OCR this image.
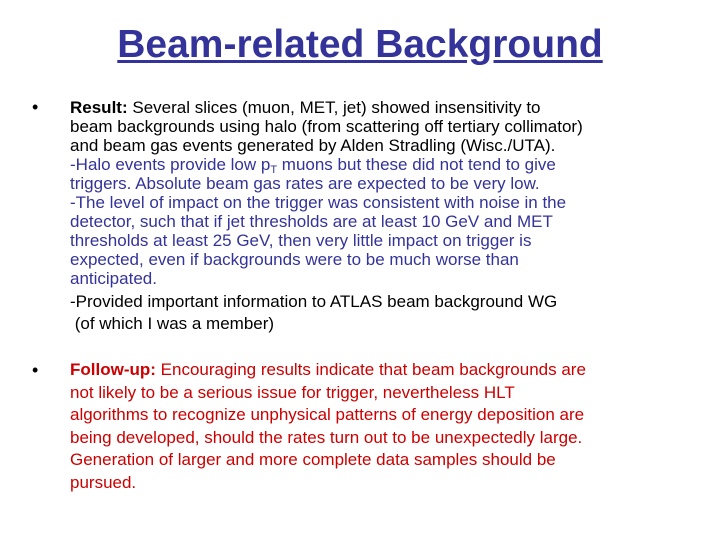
Beam-related Background
• Result: Several slices (muon, MET, jet) showed insensitivity to
beam backgrounds using halo (from scattering off tertiary collimator)
and beam gas events generated by Alden Stradling (Wisc./UTA).
-Halo events provide low $p_T$ muons but these did not tend to give
triggers. Absolute beam gas rates are expected to be very low.
-The level of impact on the trigger was consistent with noise in the
detector, such that if jet thresholds are at least 10 GeV and MET
thresholds at least 25 GeV, then very little impact on trigger is
expected, even if backgrounds were to be much worse than
anticipated.
-Provided important information to ATLAS beam background WG
(of which I was a member)
• Follow-up: Encouraging results indicate that beam backgrounds are
not likely to be a serious issue for trigger, nevertheless HLT
algorithms to recognize unphysical patterns of energy deposition are
being developed, should the rates turn out to be unexpectedly large.
Generation of larger and more complete data samples should be
pursued.
